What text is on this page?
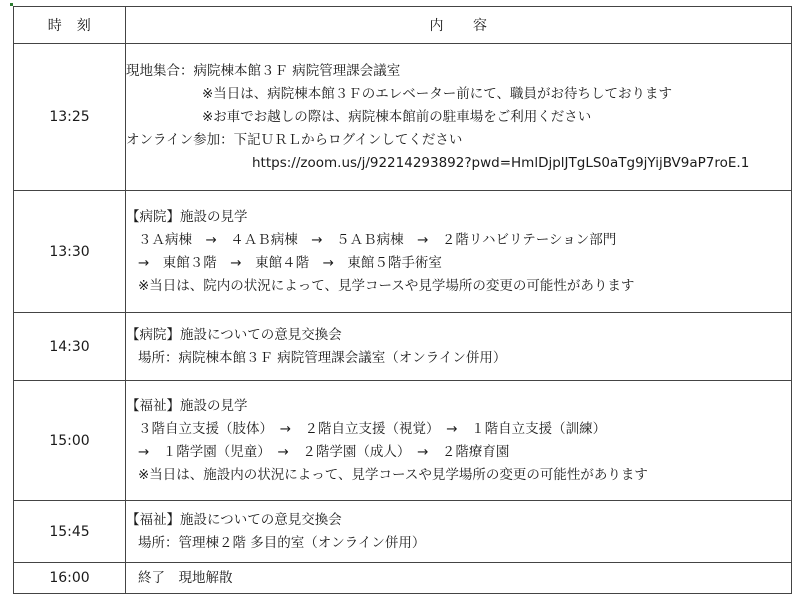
時　刻	内　　容
13:25	現地集合：病院棟本館３Ｆ 病院管理課会議室
※当日は、病院棟本館３Ｆのエレベーター前にて、職員がお待ちしております
※お車でお越しの際は、病院棟本館前の駐車場をご利用ください
オンライン参加：下記ＵＲＬからログインしてください
https://zoom.us/j/92214293892?pwd=HmlDjplJTgLS0aTg9jYijBV9aP7roE.1

13:30	【病院】施設の見学
３Ａ病棟　→　４ＡＢ病棟　→　５ＡＢ病棟　→　２階リハビリテーション部門
→　東館３階　→　東館４階　→　東館５階手術室
※当日は、院内の状況によって、見学コースや見学場所の変更の可能性があります

14:30	【病院】施設についての意見交換会
場所：病院棟本館３Ｆ 病院管理課会議室（オンライン併用）

15:00	【福祉】施設の見学
３階自立支援（肢体）　→　２階自立支援（視覚）　→　１階自立支援（訓練）
→　１階学園（児童）　→　２階学園（成人）　→　２階療育園
※当日は、施設内の状況によって、見学コースや見学場所の変更の可能性があります

15:45	【福祉】施設についての意見交換会
場所：管理棟２階 多目的室（オンライン併用）

16:00	終了　現地解散
